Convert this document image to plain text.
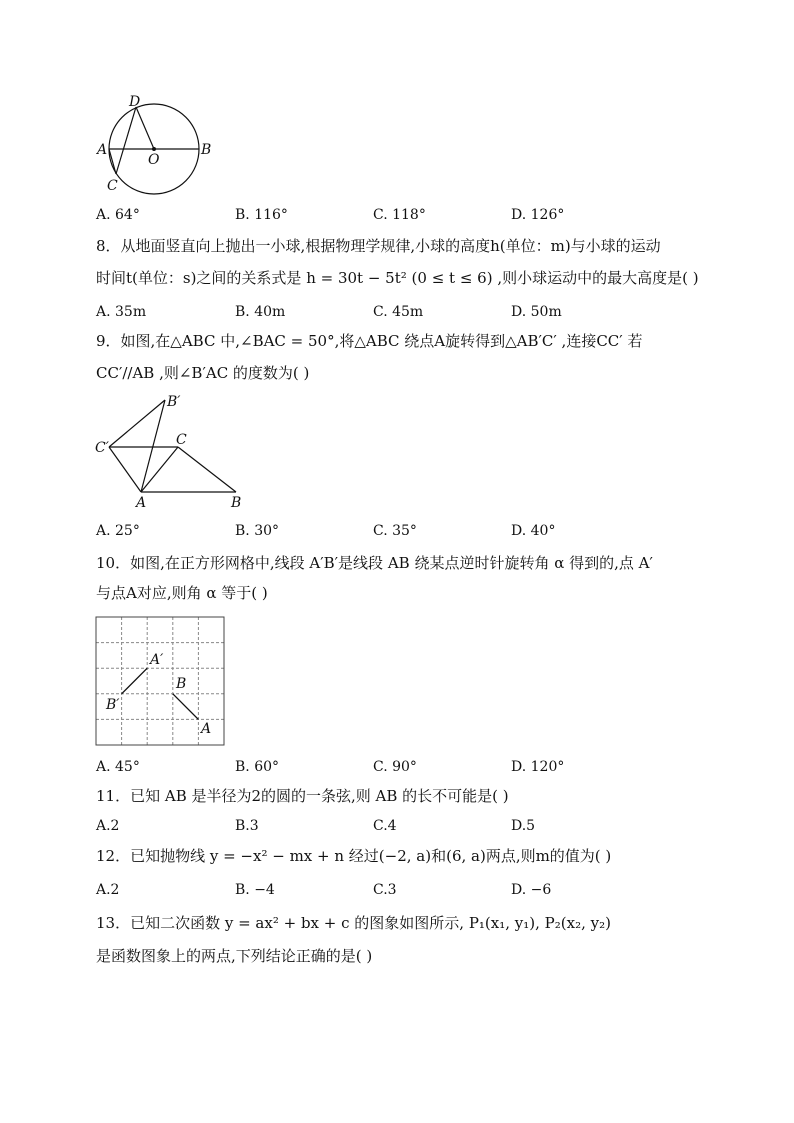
D
A
O
B
C
A. 64°	B. 116°	C. 118°	D. 126°
8．从地面竖直向上抛出一小球,根据物理学规律,小球的高度h(单位：m)与小球的运动
时间t(单位：s)之间的关系式是 h = 30t − 5t² (0 ≤ t ≤ 6) ,则小球运动中的最大高度是( )
A. 35m	B. 40m	C. 45m	D. 50m
9．如图,在△ABC 中,∠BAC = 50°,将△ABC 绕点A旋转得到△AB′C′ ,连接CC′ 若
CC′//AB ,则∠B′AC 的度数为( )
B′
C′	C
A	B
A. 25°	B. 30°	C. 35°	D. 40°
10．如图,在正方形网格中,线段 A′B′是线段 AB 绕某点逆时针旋转角 α 得到的,点 A′
与点A对应,则角 α 等于( )
A′
B′
B
A
A. 45°	B. 60°	C. 90°	D. 120°
11．已知 AB 是半径为2的圆的一条弦,则 AB 的长不可能是( )
A.2	B.3	C.4	D.5
12．已知抛物线 y = −x² − mx + n 经过(−2, a)和(6, a)两点,则m的值为( )
A.2	B. −4	C.3	D. −6
13．已知二次函数 y = ax² + bx + c 的图象如图所示, P₁(x₁, y₁), P₂(x₂, y₂)
是函数图象上的两点,下列结论正确的是( )
